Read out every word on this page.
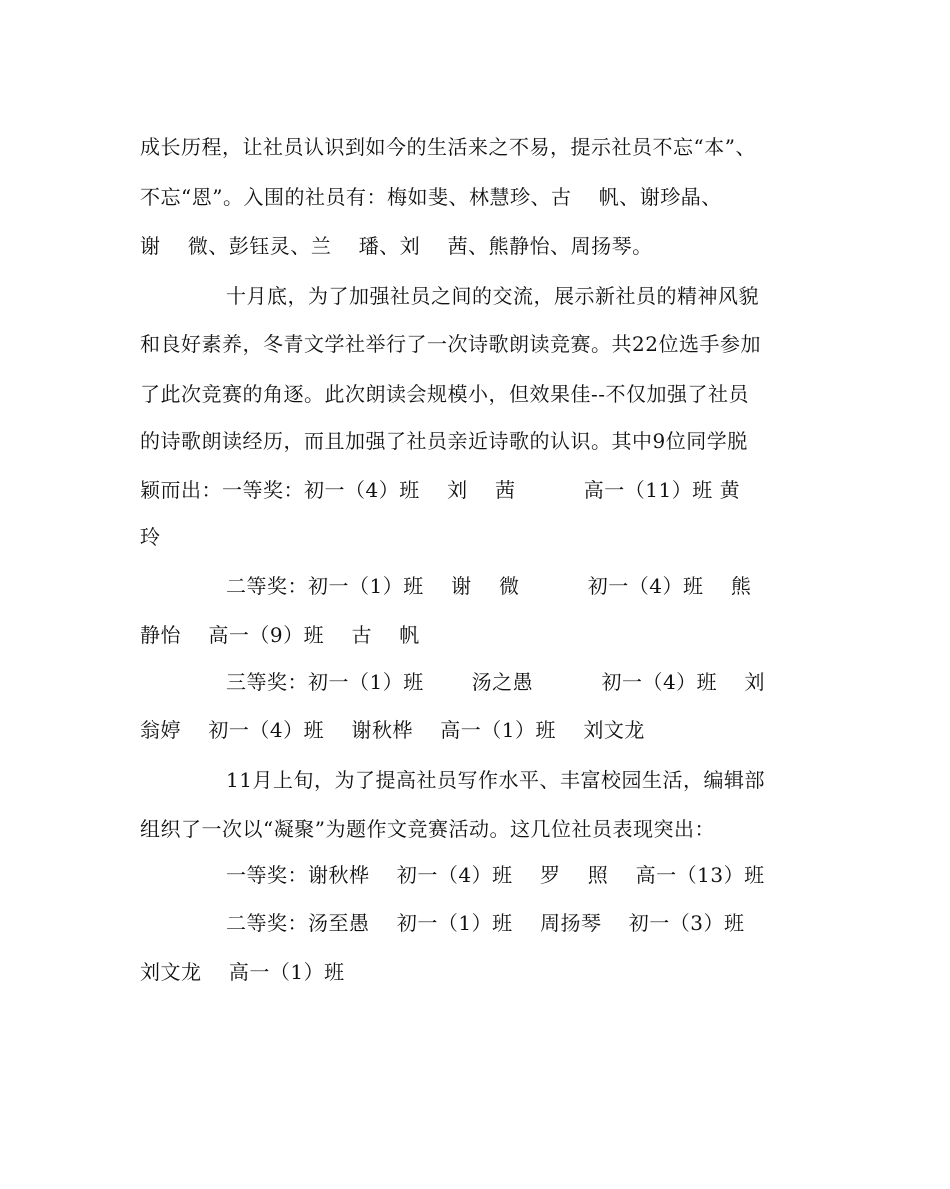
成长历程，让社员认识到如今的生活来之不易，提示社员不忘“本”、
不忘“恩”。入围的社员有：梅如斐、林慧珍、古　 帆、谢珍晶、
谢　 微、彭钰灵、兰　 璠、刘　 茜、熊静怡、周扬琴。
十月底，为了加强社员之间的交流，展示新社员的精神风貌
和良好素养，冬青文学社举行了一次诗歌朗读竞赛。共22位选手参加
了此次竞赛的角逐。此次朗读会规模小，但效果佳--不仅加强了社员
的诗歌朗读经历，而且加强了社员亲近诗歌的认识。其中9位同学脱
颖而出：一等奖：初一（4）班　 刘　 茜　　　 高一（11）班 黄
玲
二等奖：初一（1）班　 谢　 微　　　 初一（4）班　 熊
静怡　 高一（9）班　 古　 帆
三等奖：初一（1）班　　 汤之愚　　　 初一（4）班　 刘
翁婷　 初一（4）班　 谢秋桦　 高一（1）班　 刘文龙
11月上旬，为了提高社员写作水平、丰富校园生活，编辑部
组织了一次以“凝聚”为题作文竞赛活动。这几位社员表现突出：
一等奖：谢秋桦　 初一（4）班　 罗　 照　 高一（13）班
二等奖：汤至愚　 初一（1）班　 周扬琴　 初一（3）班
刘文龙　 高一（1）班
